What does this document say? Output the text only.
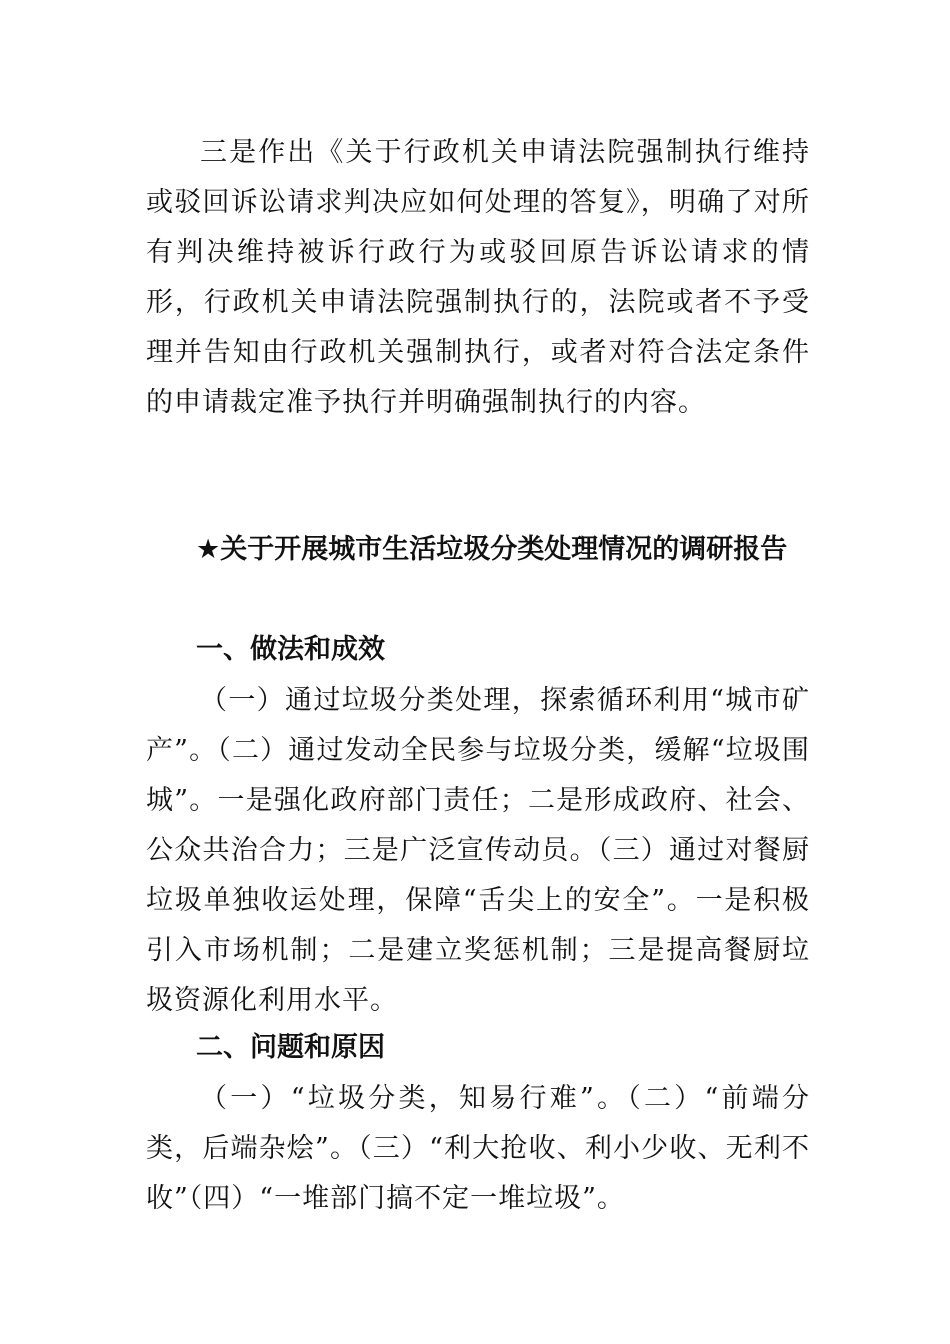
三是作出《关于行政机关申请法院强制执行维持或驳回诉讼请求判决应如何处理的答复》，明确了对所有判决维持被诉行政行为或驳回原告诉讼请求的情形，行政机关申请法院强制执行的，法院或者不予受理并告知由行政机关强制执行，或者对符合法定条件的申请裁定准予执行并明确强制执行的内容。

★关于开展城市生活垃圾分类处理情况的调研报告
一、做法和成效

（一）通过垃圾分类处理，探索循环利用“城市矿产”。（二）通过发动全民参与垃圾分类，缓解“垃圾围城”。一是强化政府部门责任；二是形成政府、社会、公众共治合力；三是广泛宣传动员。（三）通过对餐厨垃圾单独收运处理，保障“舌尖上的安全”。一是积极引入市场机制；二是建立奖惩机制；三是提高餐厨垃圾资源化利用水平。

二、问题和原因

（一）“垃圾分类，知易行难”。（二）“前端分类，后端杂烩”。（三）“利大抢收、利小少收、无利不收”（四）“一堆部门搞不定一堆垃圾”。
